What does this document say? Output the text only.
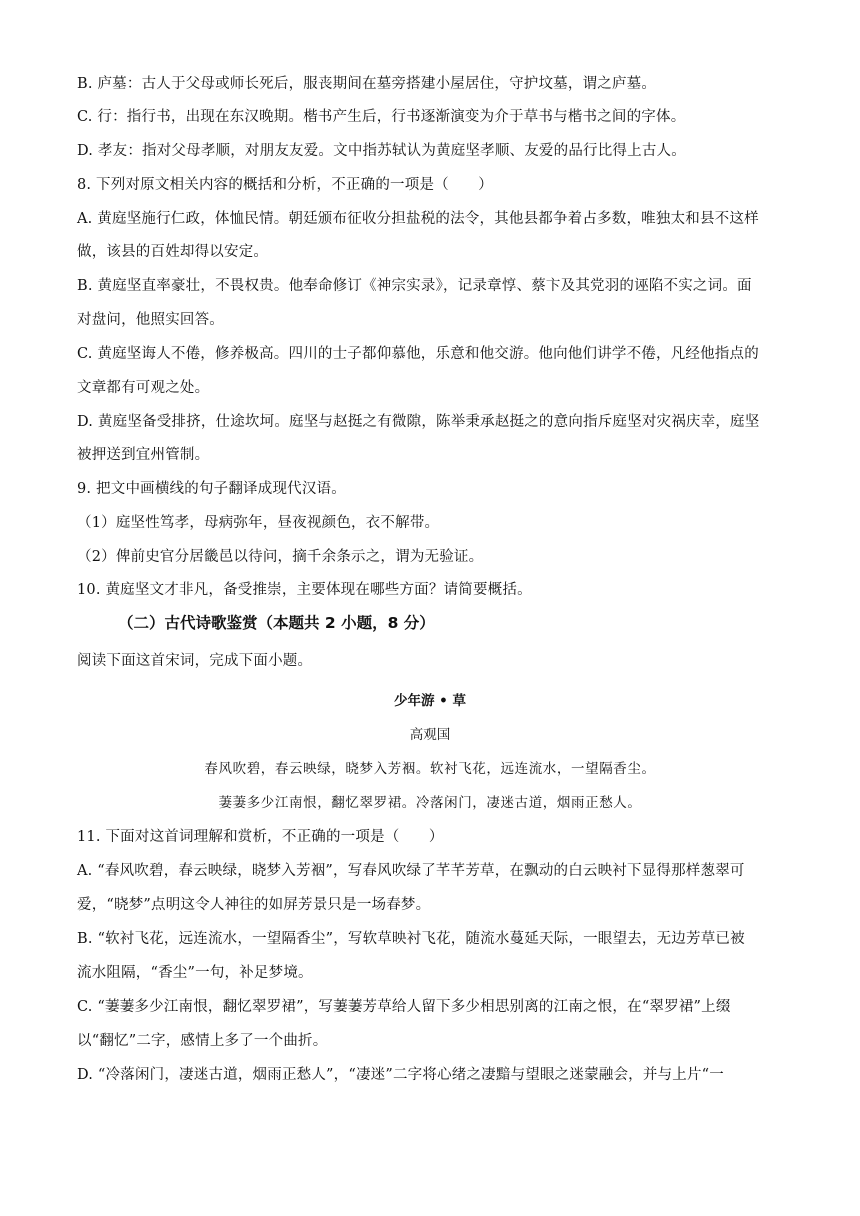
B. 庐墓：古人于父母或师长死后，服丧期间在墓旁搭建小屋居住，守护坟墓，谓之庐墓。
C. 行：指行书，出现在东汉晚期。楷书产生后，行书逐渐演变为介于草书与楷书之间的字体。
D. 孝友：指对父母孝顺，对朋友友爱。文中指苏轼认为黄庭坚孝顺、友爱的品行比得上古人。
8. 下列对原文相关内容的概括和分析，不正确的一项是（　　）
A. 黄庭坚施行仁政，体恤民情。朝廷颁布征收分担盐税的法令，其他县都争着占多数，唯独太和县不这样
做，该县的百姓却得以安定。
B. 黄庭坚直率豪壮，不畏权贵。他奉命修订《神宗实录》，记录章惇、蔡卞及其党羽的诬陷不实之词。面
对盘问，他照实回答。
C. 黄庭坚诲人不倦，修养极高。四川的士子都仰慕他，乐意和他交游。他向他们讲学不倦，凡经他指点的
文章都有可观之处。
D. 黄庭坚备受排挤，仕途坎坷。庭坚与赵挺之有微隙，陈举秉承赵挺之的意向指斥庭坚对灾祸庆幸，庭坚
被押送到宜州管制。
9. 把文中画横线的句子翻译成现代汉语。
（1）庭坚性笃孝，母病弥年，昼夜视颜色，衣不解带。
（2）俾前史官分居畿邑以待问，摘千余条示之，谓为无验证。
10. 黄庭坚文才非凡，备受推崇，主要体现在哪些方面？请简要概括。
（二）古代诗歌鉴赏（本题共 2 小题，8 分）
阅读下面这首宋词，完成下面小题。
少年游 • 草
高观国
春风吹碧，春云映绿，晓梦入芳裀。软衬飞花，远连流水，一望隔香尘。
萋萋多少江南恨，翻忆翠罗裙。冷落闲门，凄迷古道，烟雨正愁人。
11. 下面对这首词理解和赏析，不正确的一项是（　　）
A. “春风吹碧，春云映绿，晓梦入芳裀”，写春风吹绿了芊芊芳草，在飘动的白云映衬下显得那样葱翠可
爱，“晓梦”点明这令人神往的如屏芳景只是一场春梦。
B. “软衬飞花，远连流水，一望隔香尘”，写软草映衬飞花，随流水蔓延天际，一眼望去，无边芳草已被
流水阻隔，“香尘”一句，补足梦境。
C. “萋萋多少江南恨，翻忆翠罗裙”，写萋萋芳草给人留下多少相思别离的江南之恨，在“翠罗裙”上缀
以“翻忆”二字，感情上多了一个曲折。
D. “冷落闲门，凄迷古道，烟雨正愁人”，“凄迷”二字将心绪之凄黯与望眼之迷蒙融会，并与上片“一
